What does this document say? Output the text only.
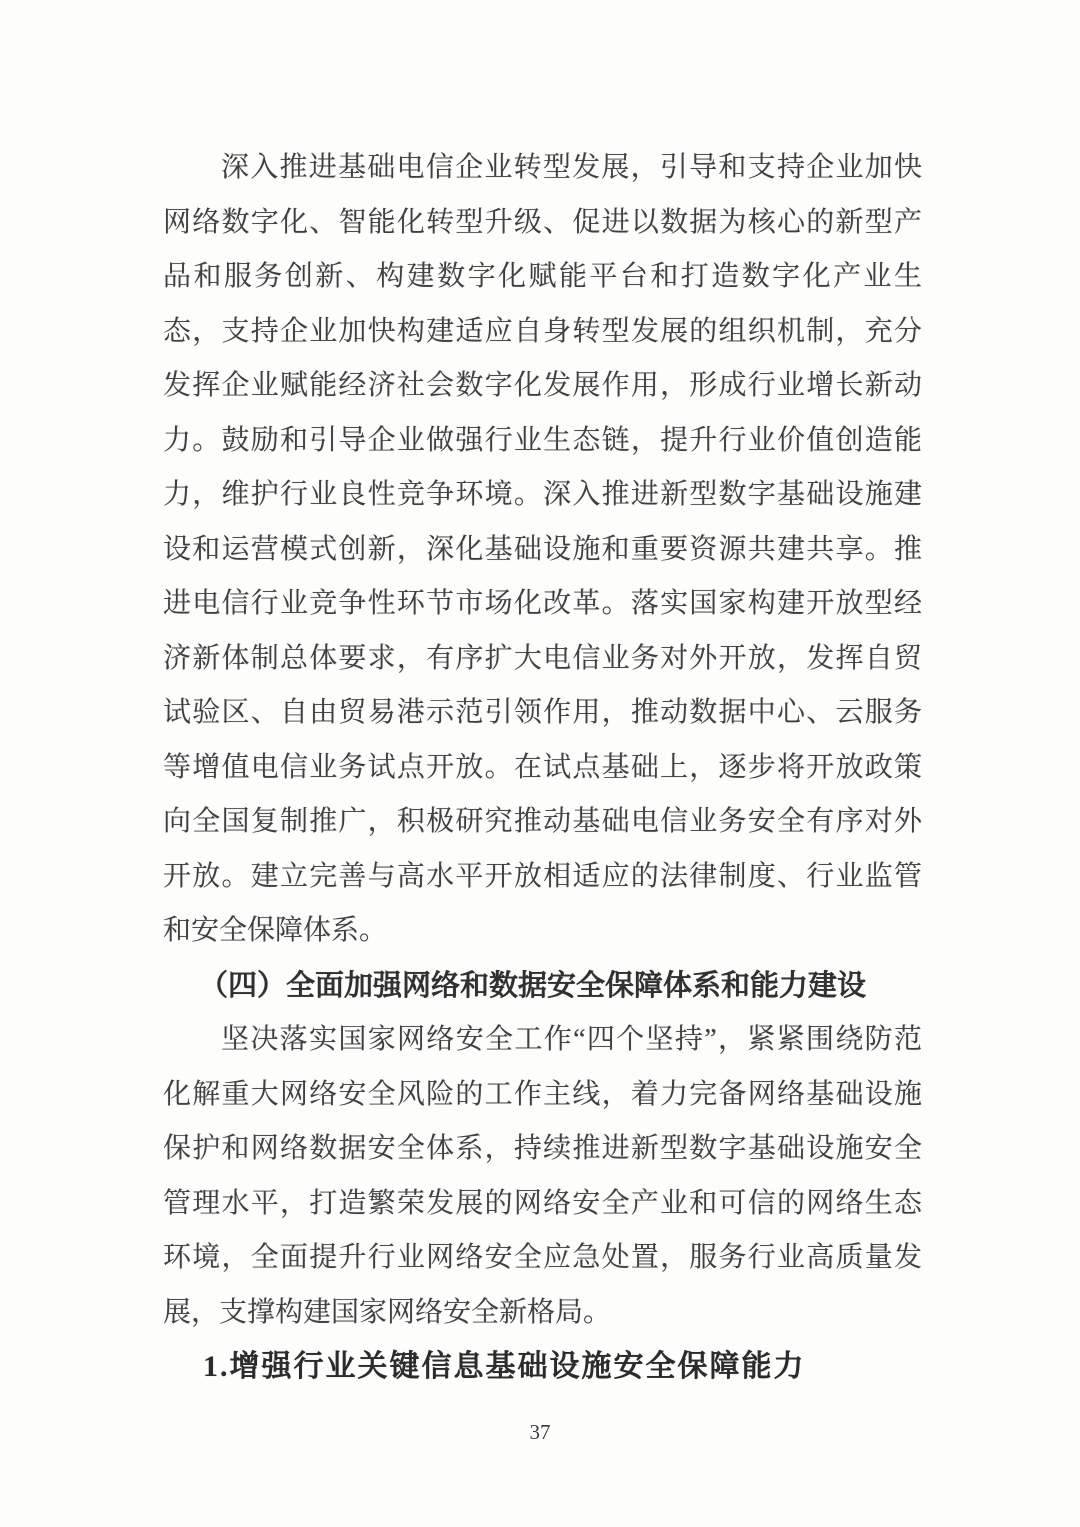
深入推进基础电信企业转型发展，引导和支持企业加快
网络数字化、智能化转型升级、促进以数据为核心的新型产
品和服务创新、构建数字化赋能平台和打造数字化产业生
态，支持企业加快构建适应自身转型发展的组织机制，充分
发挥企业赋能经济社会数字化发展作用，形成行业增长新动
力。鼓励和引导企业做强行业生态链，提升行业价值创造能
力，维护行业良性竞争环境。深入推进新型数字基础设施建
设和运营模式创新，深化基础设施和重要资源共建共享。推
进电信行业竞争性环节市场化改革。落实国家构建开放型经
济新体制总体要求，有序扩大电信业务对外开放，发挥自贸
试验区、自由贸易港示范引领作用，推动数据中心、云服务
等增值电信业务试点开放。在试点基础上，逐步将开放政策
向全国复制推广，积极研究推动基础电信业务安全有序对外
开放。建立完善与高水平开放相适应的法律制度、行业监管
和安全保障体系。
（四）全面加强网络和数据安全保障体系和能力建设
坚决落实国家网络安全工作“四个坚持”，紧紧围绕防范
化解重大网络安全风险的工作主线，着力完备网络基础设施
保护和网络数据安全体系，持续推进新型数字基础设施安全
管理水平，打造繁荣发展的网络安全产业和可信的网络生态
环境，全面提升行业网络安全应急处置，服务行业高质量发
展，支撑构建国家网络安全新格局。
1.增强行业关键信息基础设施安全保障能力
37
